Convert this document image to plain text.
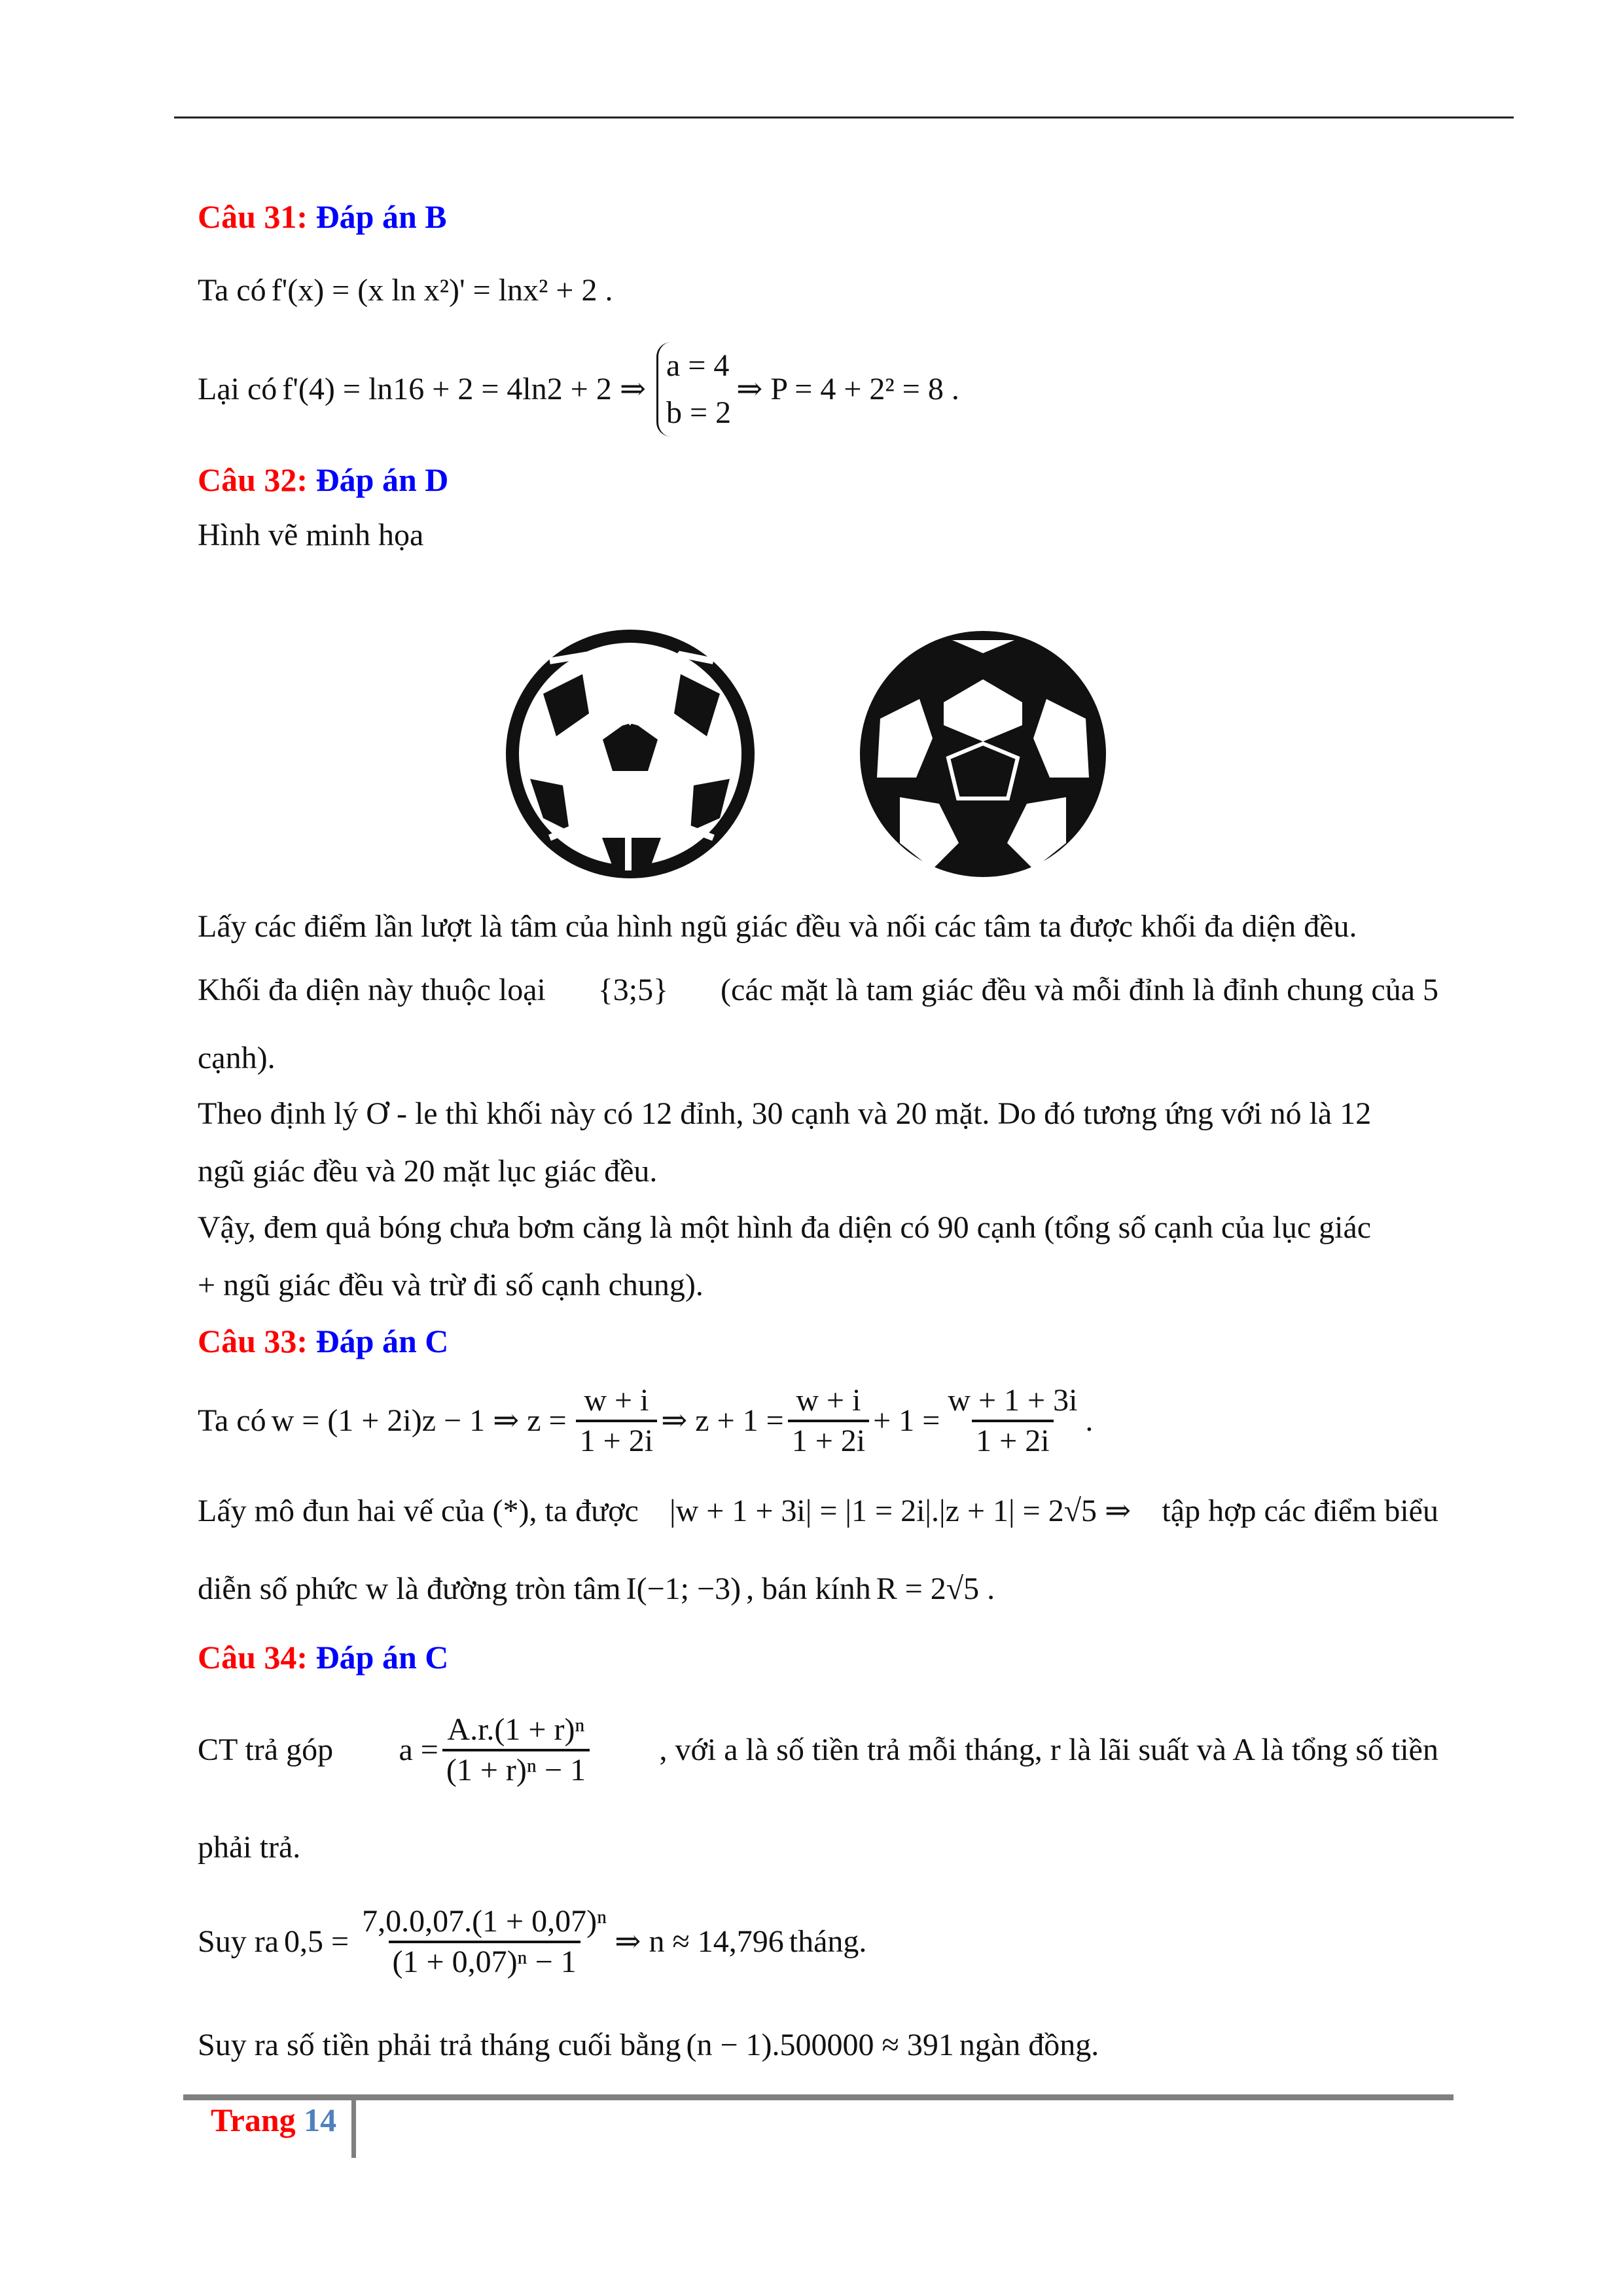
Câu 31:
Đáp án B
Ta có f'(x) = (x ln x²)' = lnx² + 2 .
Lại có f'(4) = ln16 + 2 = 4ln2 + 2 ⇒
a = 4
b = 2
⇒ P = 4 + 2² = 8 .
Câu 32:
Đáp án D
Hình vẽ minh họa
Lấy các điểm lần lượt là tâm của hình ngũ giác đều và nối các tâm ta được khối đa diện đều.
Khối đa diện này thuộc loại {3;5} (các mặt là tam giác đều và mỗi đỉnh là đỉnh chung của 5
cạnh).
Theo định lý Ơ - le thì khối này có 12 đỉnh, 30 cạnh và 20 mặt. Do đó tương ứng với nó là 12
ngũ giác đều và 20 mặt lục giác đều.
Vậy, đem quả bóng chưa bơm căng là một hình đa diện có 90 cạnh (tổng số cạnh của lục giác
+ ngũ giác đều và trừ đi số cạnh chung).
Câu 33:
Đáp án C
Ta có w = (1 + 2i)z − 1 ⇒ $z = \frac{w + i}{1 + 2i}$ ⇒ $z + 1 = \frac{w + i}{1 + 2i} + 1 = \frac{w + 1 + 3i}{1 + 2i}$ .
Lấy mô đun hai vế của (*), ta được |w + 1 + 3i| = |1 = 2i|.|z + 1| = 2√5 ⇒ tập hợp các điểm biểu
diễn số phức w là đường tròn tâm I(−1; −3) , bán kính R = 2√5 .
Câu 34:
Đáp án C
CT trả góp $a = \frac{\text{A.r.(1 + r)ⁿ}}{\text{(1 + r)ⁿ − 1}}$ , với a là số tiền trả mỗi tháng, r là lãi suất và A là tổng số tiền
phải trả.
Suy ra $0,5 = \frac{\text{7,0.0,07.(1 + 0,07)ⁿ}}{\text{(1 + 0,07)ⁿ − 1}}$ ⇒ n ≈ 14,796 tháng.
Suy ra số tiền phải trả tháng cuối bằng (n − 1).500000 ≈ 391 ngàn đồng.
Trang 14
